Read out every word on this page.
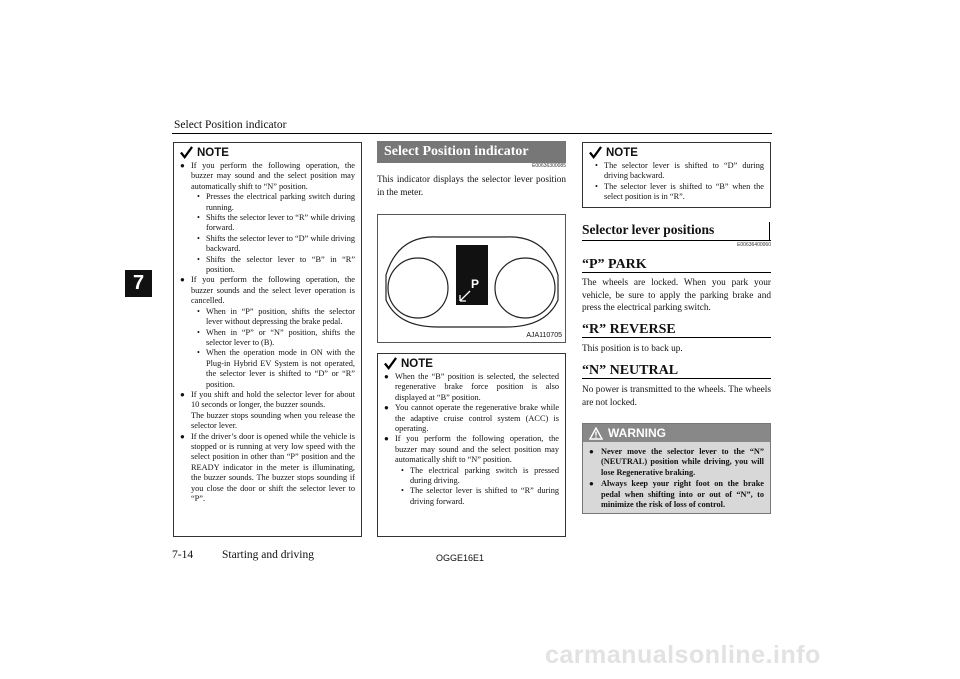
Select Position indicator
7
NOTE
● If you perform the following operation, the buzzer may sound and the select position may automatically shift to “N” position.
• Presses the electrical parking switch during running.
• Shifts the selector lever to “R” while driving forward.
• Shifts the selector lever to “D” while driving backward.
• Shifts the selector lever to “B” in “R” position.
● If you perform the following operation, the buzzer sounds and the select lever operation is cancelled.
• When in “P” position, shifts the selector lever without depressing the brake pedal.
• When in “P” or “N” position, shifts the selector lever to (B).
• When the operation mode in ON with the Plug-in Hybrid EV System is not operated, the selector lever is shifted to “D” or “R” position.
● If you shift and hold the selector lever for about 10 seconds or longer, the buzzer sounds.
The buzzer stops sounding when you release the selector lever.
● If the driver’s door is opened while the vehicle is stopped or is running at very low speed with the select position in other than “P” position and the READY indicator in the meter is illuminating, the buzzer sounds. The buzzer stops sounding if you close the door or shift the selector lever to “P”.
Select Position indicator
E00636300085
This indicator displays the selector lever position in the meter.
P
AJA110705
NOTE
● When the “B” position is selected, the selected regenerative brake force position is also displayed at “B” position.
● You cannot operate the regenerative brake while the adaptive cruise control system (ACC) is operating.
● If you perform the following operation, the buzzer may sound and the select position may automatically shift to “N” position.
• The electrical parking switch is pressed during driving.
• The selector lever is shifted to “R” during driving forward.
NOTE
• The selector lever is shifted to “D” during driving backward.
• The selector lever is shifted to “B” when the select position is in “R”.
Selector lever positions
E00636400060
“P” PARK
The wheels are locked. When you park your vehicle, be sure to apply the parking brake and press the electrical parking switch.
“R” REVERSE
This position is to back up.
“N” NEUTRAL
No power is transmitted to the wheels. The wheels are not locked.
WARNING
● Never move the selector lever to the “N” (NEUTRAL) position while driving, you will lose Regenerative braking.
● Always keep your right foot on the brake pedal when shifting into or out of “N”, to minimize the risk of loss of control.
7-14	Starting and driving	OGGE16E1
carmanualsonline.info
